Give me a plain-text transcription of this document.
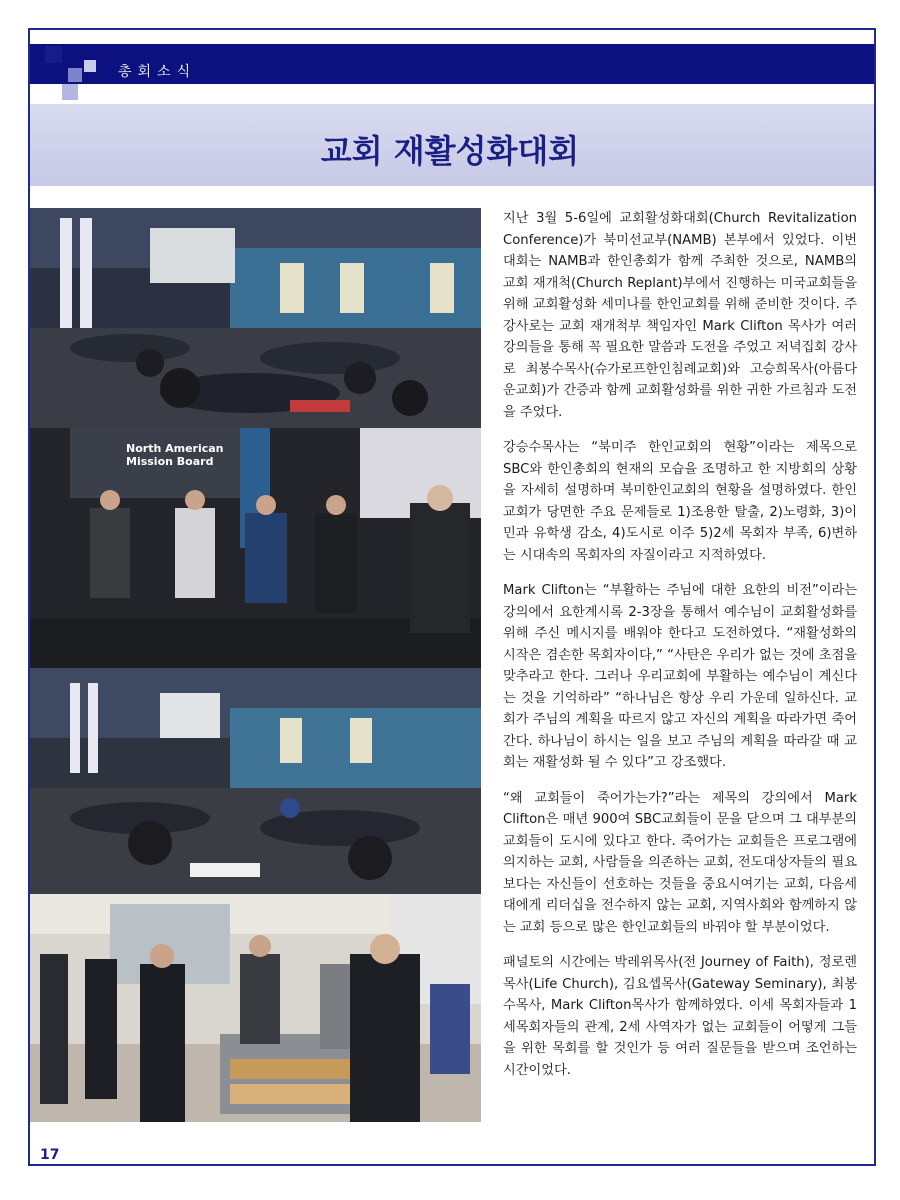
총회소식
교회 재활성화대회
North American Mission Board

지난 3월 5-6일에 교회활성화대회(Church Revitalization Conference)가 북미선교부(NAMB) 본부에서 있었다. 이번 대회는 NAMB과 한인총회가 함께 주최한 것으로, NAMB의 교회 재개척(Church Replant)부에서 진행하는 미국교회들을 위해 교회활성화 세미나를 한인교회를 위해 준비한 것이다. 주 강사로는 교회 재개척부 책임자인 Mark Clifton 목사가 여러 강의들을 통해 꼭 필요한 말씀과 도전을 주었고 저녁집회 강사로 최봉수목사(슈가로프한인침례교회)와 고승희목사(아름다운교회)가 간증과 함께 교회활성화를 위한 귀한 가르침과 도전을 주었다.

강승수목사는 “북미주 한인교회의 현황”이라는 제목으로 SBC와 한인총회의 현재의 모습을 조명하고 한 지방회의 상황을 자세히 설명하며 북미한인교회의 현황을 설명하였다. 한인교회가 당면한 주요 문제들로 1)조용한 탈출, 2)노령화, 3)이민과 유학생 감소, 4)도시로 이주 5)2세 목회자 부족, 6)변하는 시대속의 목회자의 자질이라고 지적하였다.

Mark Clifton는 “부활하는 주님에 대한 요한의 비전”이라는 강의에서 요한계시록 2-3장을 통해서 예수님이 교회활성화를 위해 주신 메시지를 배워야 한다고 도전하였다. “재활성화의 시작은 겸손한 목회자이다,” “사탄은 우리가 없는 것에 초점을 맞추라고 한다. 그러나 우리교회에 부활하는 예수님이 계신다는 것을 기억하라” “하나님은 항상 우리 가운데 일하신다. 교회가 주님의 계획을 따르지 않고 자신의 계획을 따라가면 죽어간다. 하나님이 하시는 일을 보고 주님의 계획을 따라갈 때 교회는 재활성화 될 수 있다”고 강조했다.

“왜 교회들이 죽어가는가?”라는 제목의 강의에서 Mark Clifton은 매년 900여 SBC교회들이 문을 닫으며 그 대부분의 교회들이 도시에 있다고 한다. 죽어가는 교회들은 프로그램에 의지하는 교회, 사람들을 의존하는 교회, 전도대상자들의 필요보다는 자신들이 선호하는 것들을 중요시여기는 교회, 다음세대에게 리더십을 전수하지 않는 교회, 지역사회와 함께하지 않는 교회 등으로 많은 한인교회들의 바꿔야 할 부분이었다.

패널토의 시간에는 박레위목사(전 Journey of Faith), 정로렌목사(Life Church), 김요셉목사(Gateway Seminary), 최봉수목사, Mark Clifton목사가 함께하였다. 이세 목회자들과 1세목회자들의 관계, 2세 사역자가 없는 교회들이 어떻게 그들을 위한 목회를 할 것인가 등 여러 질문들을 받으며 조언하는 시간이었다.

17
